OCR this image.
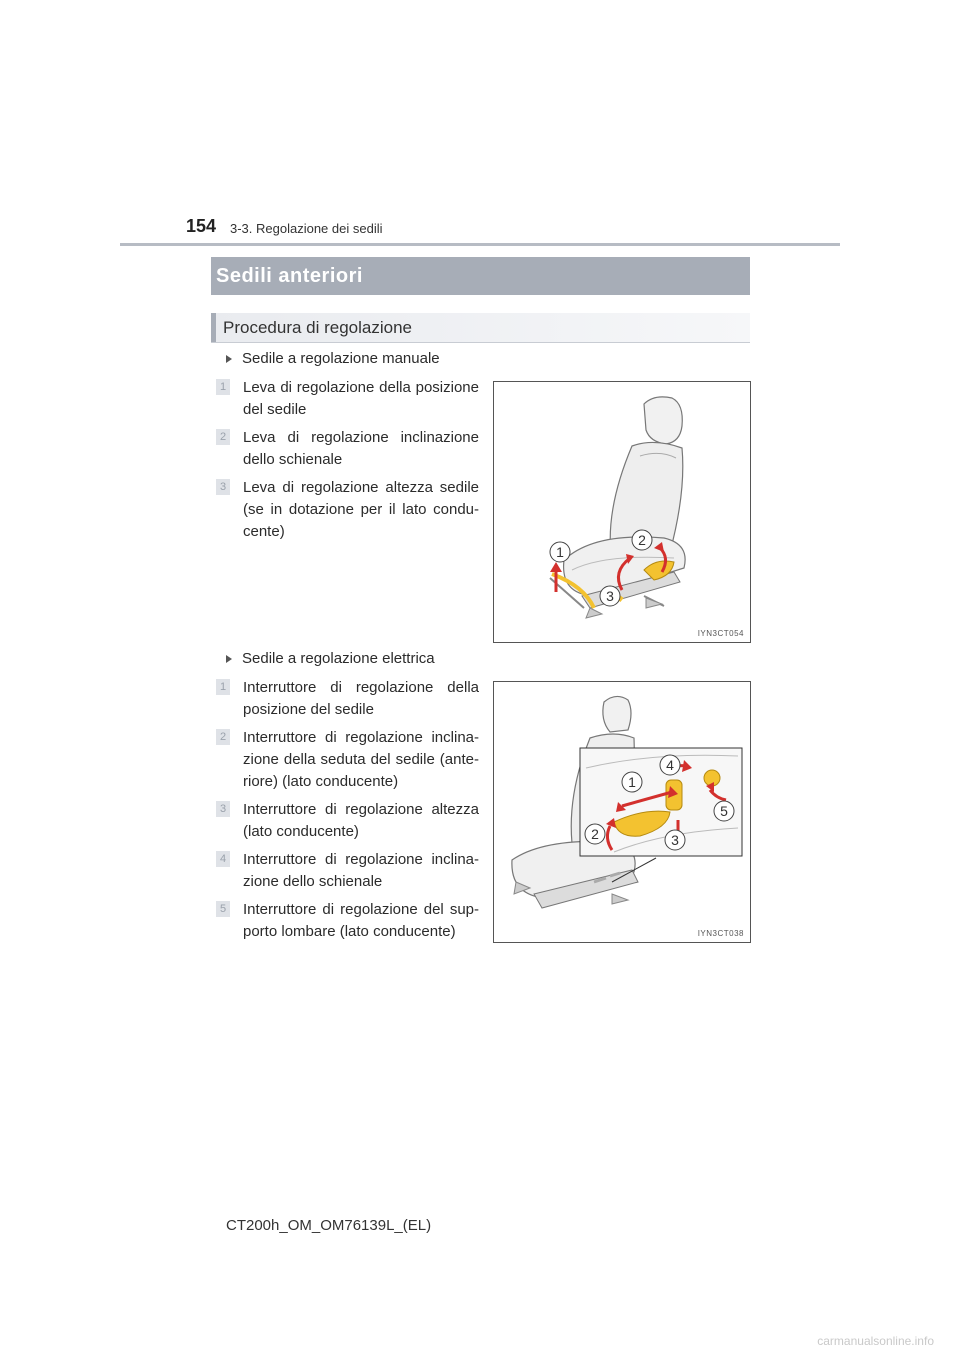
154 3-3. Regolazione dei sedili
Sedili anteriori
Procedura di regolazione
Sedile a regolazione manuale
1 Leva di regolazione della posizione del sedile
2 Leva di regolazione inclinazione dello schienale
3 Leva di regolazione altezza sedile (se in dotazione per il lato condu-cente)
1
2
3
IYN3CT054
Sedile a regolazione elettrica
1 Interruttore di regolazione della posizione del sedile
2 Interruttore di regolazione inclina-zione della seduta del sedile (ante-riore) (lato conducente)
3 Interruttore di regolazione altezza (lato conducente)
4 Interruttore di regolazione inclina-zione dello schienale
5 Interruttore di regolazione del sup-porto lombare (lato conducente)
1
2	3
4
5
IYN3CT038
CT200h_OM_OM76139L_(EL)
carmanualsonline.info
